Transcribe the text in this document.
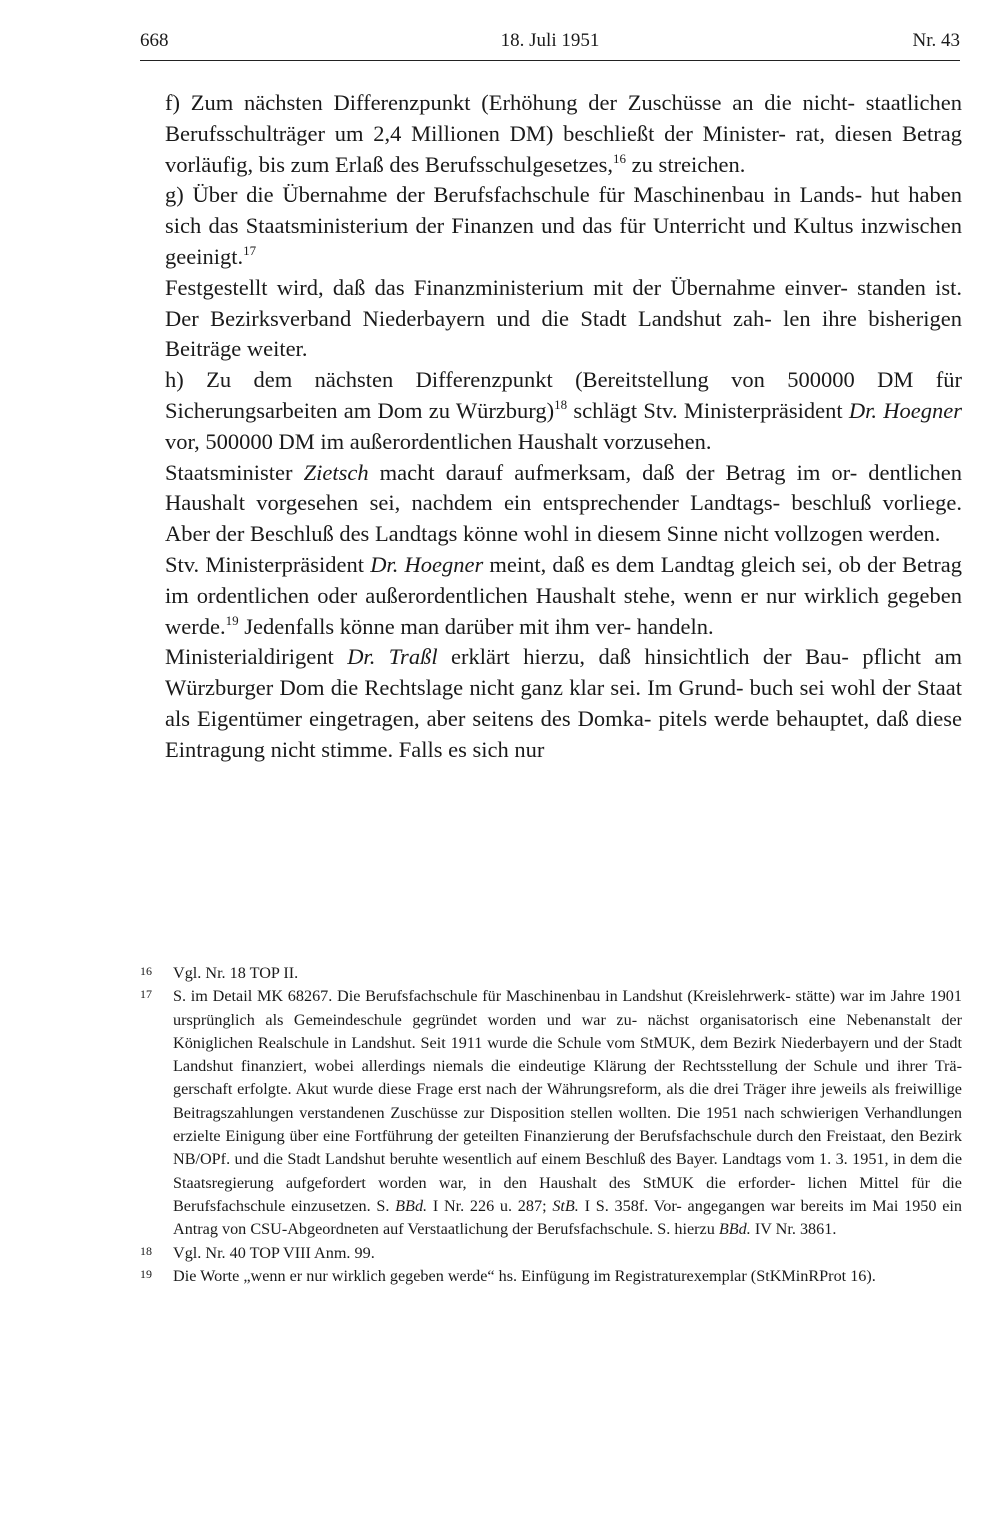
668	18. Juli 1951	Nr. 43

f) Zum nächsten Differenzpunkt (Erhöhung der Zuschüsse an die nicht- staatlichen Berufsschulträger um 2,4 Millionen DM) beschließt der Minister- rat, diesen Betrag vorläufig, bis zum Erlaß des Berufsschulgesetzes,$^{16}$ zu streichen.

g) Über die Übernahme der Berufsfachschule für Maschinenbau in Lands- hut haben sich das Staatsministerium der Finanzen und das für Unterricht und Kultus inzwischen geeinigt.$^{17}$

Festgestellt wird, daß das Finanzministerium mit der Übernahme einver- standen ist. Der Bezirksverband Niederbayern und die Stadt Landshut zah- len ihre bisherigen Beiträge weiter.

h) Zu dem nächsten Differenzpunkt (Bereitstellung von 500000 DM für Sicherungsarbeiten am Dom zu Würzburg)$^{18}$ schlägt Stv. Ministerpräsident Dr. Hoegner vor, 500000 DM im außerordentlichen Haushalt vorzusehen.

Staatsminister Zietsch macht darauf aufmerksam, daß der Betrag im or- dentlichen Haushalt vorgesehen sei, nachdem ein entsprechender Landtags- beschluß vorliege. Aber der Beschluß des Landtags könne wohl in diesem Sinne nicht vollzogen werden.

Stv. Ministerpräsident Dr. Hoegner meint, daß es dem Landtag gleich sei, ob der Betrag im ordentlichen oder außerordentlichen Haushalt stehe, wenn er nur wirklich gegeben werde.$^{19}$ Jedenfalls könne man darüber mit ihm ver- handeln.

Ministerialdirigent Dr. Traßl erklärt hierzu, daß hinsichtlich der Bau- pflicht am Würzburger Dom die Rechtslage nicht ganz klar sei. Im Grund- buch sei wohl der Staat als Eigentümer eingetragen, aber seitens des Domka- pitels werde behauptet, daß diese Eintragung nicht stimme. Falls es sich nur

16 Vgl. Nr. 18 TOP II.

17 S. im Detail MK 68267. Die Berufsfachschule für Maschinenbau in Landshut (Kreislehrwerk- stätte) war im Jahre 1901 ursprünglich als Gemeindeschule gegründet worden und war zu- nächst organisatorisch eine Nebenanstalt der Königlichen Realschule in Landshut. Seit 1911 wurde die Schule vom StMUK, dem Bezirk Niederbayern und der Stadt Landshut finanziert, wobei allerdings niemals die eindeutige Klärung der Rechtsstellung der Schule und ihrer Trä- gerschaft erfolgte. Akut wurde diese Frage erst nach der Währungsreform, als die drei Träger ihre jeweils als freiwillige Beitragszahlungen verstandenen Zuschüsse zur Disposition stellen wollten. Die 1951 nach schwierigen Verhandlungen erzielte Einigung über eine Fortführung der geteilten Finanzierung der Berufsfachschule durch den Freistaat, den Bezirk NB/OPf. und die Stadt Landshut beruhte wesentlich auf einem Beschluß des Bayer. Landtags vom 1. 3. 1951, in dem die Staatsregierung aufgefordert worden war, in den Haushalt des StMUK die erforder- lichen Mittel für die Berufsfachschule einzusetzen. S. BBd. I Nr. 226 u. 287; StB. I S. 358f. Vor- angegangen war bereits im Mai 1950 ein Antrag von CSU-Abgeordneten auf Verstaatlichung der Berufsfachschule. S. hierzu BBd. IV Nr. 3861.

18 Vgl. Nr. 40 TOP VIII Anm. 99.

19 Die Worte „wenn er nur wirklich gegeben werde“ hs. Einfügung im Registraturexemplar (StKMinRProt 16).
